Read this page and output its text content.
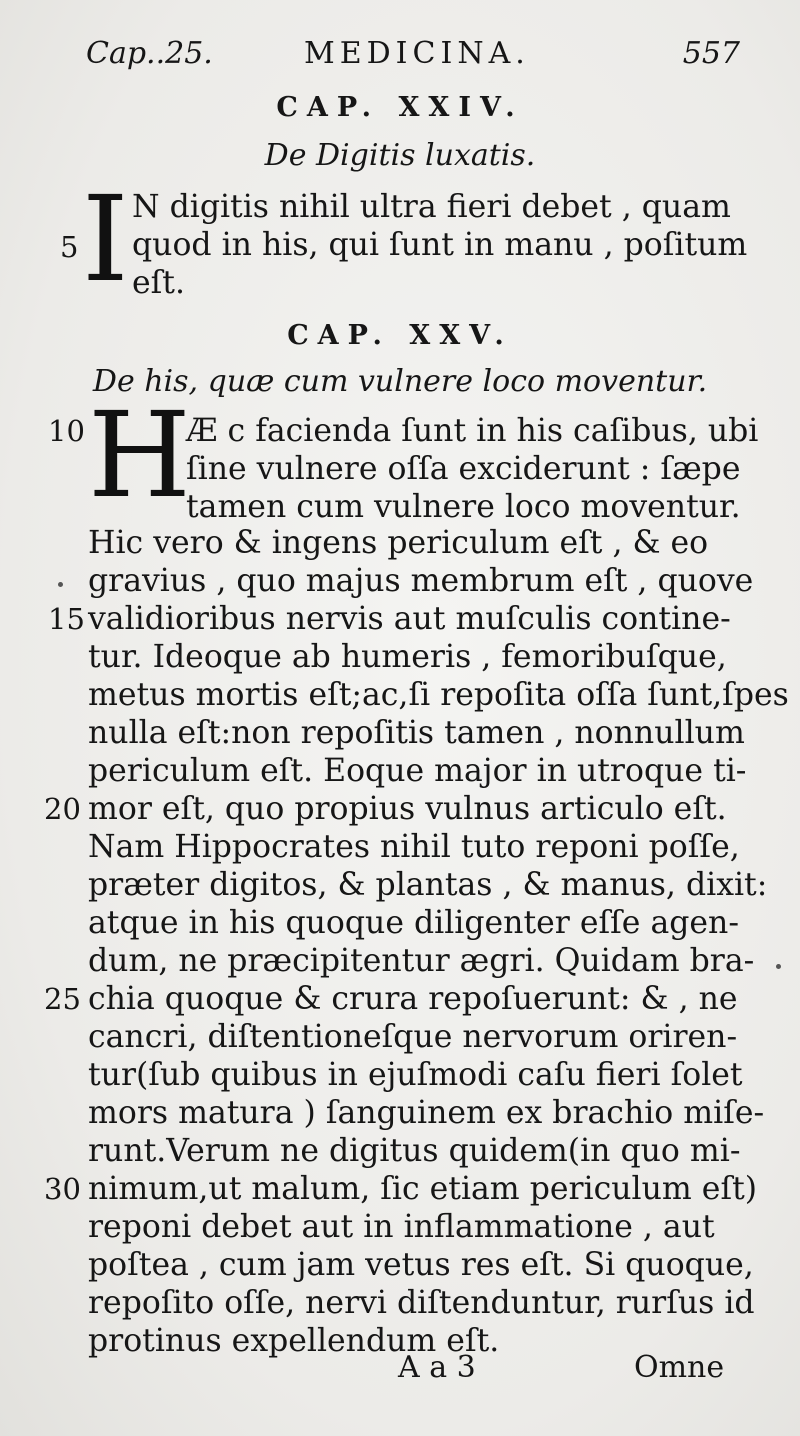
Cap..25.	MEDICINA.	557
CAP. XXIV.
De Digitis luxatis.
I N digitis nihil ultra fieri debet , quam
quod in his, qui ſunt in manu , poſitum
eſt.
5
CAP. XXV.
De his, quæ cum vulnere loco moventur.
10 H
Æ c facienda ſunt in his caſibus, ubi
ſine vulnere oſſa exciderunt : ſæpe
tamen cum vulnere loco moventur.
Hic vero & ingens periculum eſt , & eo
gravius , quo majus membrum eſt , quove
validioribus nervis aut muſculis contine-
tur. Ideoque ab humeris , femoribuſque,
metus mortis eſt;ac,ſi repoſita oſſa ſunt,ſpes
nulla eſt:non repoſitis tamen , nonnullum
periculum eſt. Eoque major in utroque ti-
mor eſt, quo propius vulnus articulo eſt.
Nam Hippocrates nihil tuto reponi poſſe,
præter digitos, & plantas , & manus, dixit:
atque in his quoque diligenter eſſe agen-
dum, ne præcipitentur ægri. Quidam bra-
chia quoque & crura repoſuerunt: & , ne
cancri, diſtentioneſque nervorum oriren-
tur(ſub quibus in ejuſmodi caſu fieri ſolet
mors matura ) ſanguinem ex brachio miſe-
runt.Verum ne digitus quidem(in quo mi-
nimum,ut malum, ſic etiam periculum eſt)
reponi debet aut in inflammatione , aut
poſtea , cum jam vetus res eſt. Si quoque,
repoſito oſſe, nervi diſtenduntur, rurſus id
protinus expellendum eſt.
15
20
25
30
A a 3	Omne
